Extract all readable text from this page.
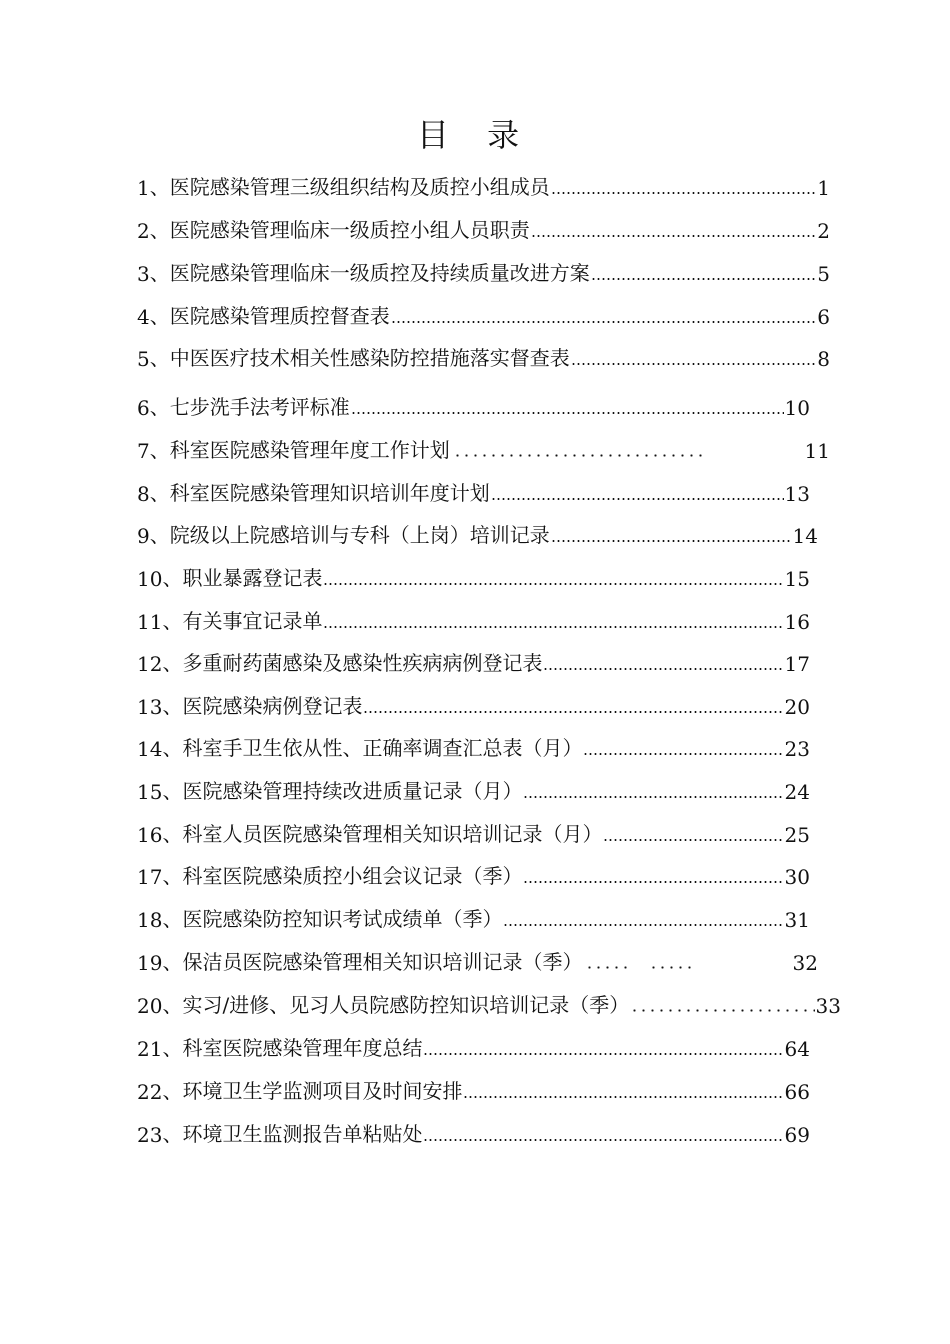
目 录
1 、 医院感染管理三级组织结构及质控小组成员	1
2 、 医院感染管理临床一级质控小组人员职责	2
3 、 医院感染管理临床一级质控及持续质量改进方案	5
4 、 医院感染管理质控督查表	6
5 、 中医医疗技术相关性感染防控措施落实督查表	8
6 、 七步洗手法考评标准	10
7 、 科室医院感染管理年度工作计划	11
8 、 科室医院感染管理知识培训年度计划	13
9 、 院级以上院感培训与专科（上岗）培训记录	14
10 、 职业暴露登记表	15
11 、 有关事宜记录单	16
12 、 多重耐药菌感染及感染性疾病病例登记表	17
13 、 医院感染病例登记表	20
14 、 科室手卫生依从性、正确率调查汇总表（月）	23
15 、 医院感染管理持续改进质量记录（月）	24
16 、 科室人员医院感染管理相关知识培训记录（月）	25
17 、 科室医院感染质控小组会议记录（季）	30
18 、 医院感染防控知识考试成绩单（季）	31
19 、 保洁员医院感染管理相关知识培训记录（季）	32
20 、 实习/进修、见习人员院感防控知识培训记录（季）	33
21 、 科室医院感染管理年度总结	64
22 、 环境卫生学监测项目及时间安排	66
23 、 环境卫生监测报告单粘贴处	69
